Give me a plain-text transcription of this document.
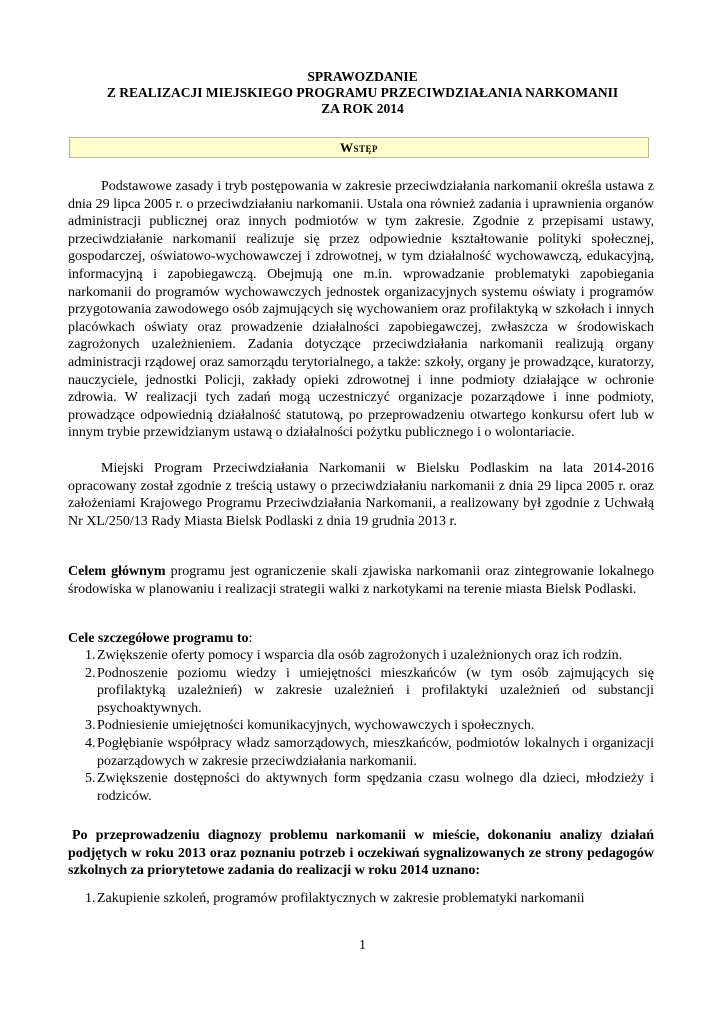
SPRAWOZDANIE
Z REALIZACJI MIEJSKIEGO PROGRAMU PRZECIWDZIAŁANIA NARKOMANII
ZA ROK 2014
Wstęp

Podstawowe zasady i tryb postępowania w zakresie przeciwdziałania narkomanii określa ustawa z dnia 29 lipca 2005 r. o przeciwdziałaniu narkomanii. Ustala ona również zadania i uprawnienia organów administracji publicznej oraz innych podmiotów w tym zakresie. Zgodnie z przepisami ustawy, przeciwdziałanie narkomanii realizuje się przez odpowiednie kształtowanie polityki społecznej, gospodarczej, oświatowo-wychowawczej i zdrowotnej, w tym działalność wychowawczą, edukacyjną, informacyjną i zapobiegawczą. Obejmują one m.in. wprowadzanie problematyki zapobiegania narkomanii do programów wychowawczych jednostek organizacyjnych systemu oświaty i programów przygotowania zawodowego osób zajmujących się wychowaniem oraz profilaktyką w szkołach i innych placówkach oświaty oraz prowadzenie działalności zapobiegawczej, zwłaszcza w środowiskach zagrożonych uzależnieniem. Zadania dotyczące przeciwdziałania narkomanii realizują organy administracji rządowej oraz samorządu terytorialnego, a także: szkoły, organy je prowadzące, kuratorzy, nauczyciele, jednostki Policji, zakłady opieki zdrowotnej i inne podmioty działające w ochronie zdrowia. W realizacji tych zadań mogą uczestniczyć organizacje pozarządowe i inne podmioty, prowadzące odpowiednią działalność statutową, po przeprowadzeniu otwartego konkursu ofert lub w innym trybie przewidzianym ustawą o działalności pożytku publicznego i o wolontariacie.

Miejski Program Przeciwdziałania Narkomanii w Bielsku Podlaskim na lata 2014-2016 opracowany został zgodnie z treścią ustawy o przeciwdziałaniu narkomanii z dnia 29 lipca 2005 r. oraz założeniami Krajowego Programu Przeciwdziałania Narkomanii, a realizowany był zgodnie z Uchwałą Nr XL/250/13 Rady Miasta Bielsk Podlaski z dnia 19 grudnia 2013 r.

Celem głównym programu jest ograniczenie skali zjawiska narkomanii oraz zintegrowanie lokalnego środowiska w planowaniu i realizacji strategii walki z narkotykami na terenie miasta Bielsk Podlaski.

Cele szczegółowe programu to:

1. Zwiększenie oferty pomocy i wsparcia dla osób zagrożonych i uzależnionych oraz ich rodzin.
2. Podnoszenie poziomu wiedzy i umiejętności mieszkańców (w tym osób zajmujących się profilaktyką uzależnień) w zakresie uzależnień i profilaktyki uzależnień od substancji psychoaktywnych.
3. Podniesienie umiejętności komunikacyjnych, wychowawczych i społecznych.
4. Pogłębianie współpracy władz samorządowych, mieszkańców, podmiotów lokalnych i organizacji pozarządowych w zakresie przeciwdziałania narkomanii.
5. Zwiększenie dostępności do aktywnych form spędzania czasu wolnego dla dzieci, młodzieży i rodziców.

Po przeprowadzeniu diagnozy problemu narkomanii w mieście, dokonaniu analizy działań podjętych w roku 2013 oraz poznaniu potrzeb i oczekiwań sygnalizowanych ze strony pedagogów szkolnych za priorytetowe zadania do realizacji w roku 2014 uznano:

1. Zakupienie szkoleń, programów profilaktycznych w zakresie problematyki narkomanii
1
